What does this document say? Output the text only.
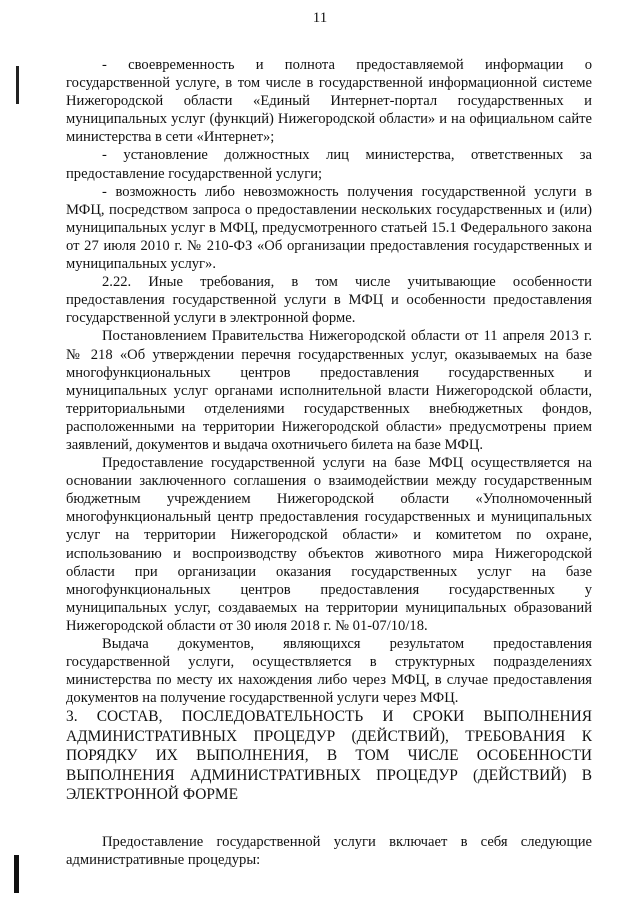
11

- своевременность и полнота предоставляемой информации о государственной услуге, в том числе в государственной информационной системе Нижегородской области «Единый Интернет-портал государственных и муниципальных услуг (функций) Нижегородской области» и на официальном сайте министерства в сети «Интернет»;

- установление должностных лиц министерства, ответственных за предоставление государственной услуги;

- возможность либо невозможность получения государственной услуги в МФЦ, посредством запроса о предоставлении нескольких государственных и (или) муниципальных услуг в МФЦ, предусмотренного статьей 15.1 Федерального закона от 27 июля 2010 г. № 210-ФЗ «Об организации предоставления государственных и муниципальных услуг».

2.22. Иные требования, в том числе учитывающие особенности предоставления государственной услуги в МФЦ и особенности предоставления государственной услуги в электронной форме.

Постановлением Правительства Нижегородской области от 11 апреля 2013 г. № 218 «Об утверждении перечня государственных услуг, оказываемых на базе многофункциональных центров предоставления государственных и муниципальных услуг органами исполнительной власти Нижегородской области, территориальными отделениями государственных внебюджетных фондов, расположенными на территории Нижегородской области» предусмотрены прием заявлений, документов и выдача охотничьего билета на базе МФЦ.

Предоставление государственной услуги на базе МФЦ осуществляется на основании заключенного соглашения о взаимодействии между государственным бюджетным учреждением Нижегородской области «Уполномоченный многофункциональный центр предоставления государственных и муниципальных услуг на территории Нижегородской области» и комитетом по охране, использованию и воспроизводству объектов животного мира Нижегородской области при организации оказания государственных услуг на базе многофункциональных центров предоставления государственных у муниципальных услуг, создаваемых на территории муниципальных образований Нижегородской области от 30 июля 2018 г. № 01-07/10/18.

Выдача документов, являющихся результатом предоставления государственной услуги, осуществляется в структурных подразделениях министерства по месту их нахождения либо через МФЦ, в случае предоставления документов на получение государственной услуги через МФЦ.

3. СОСТАВ, ПОСЛЕДОВАТЕЛЬНОСТЬ И СРОКИ ВЫПОЛНЕНИЯ АДМИНИСТРАТИВНЫХ ПРОЦЕДУР (ДЕЙСТВИЙ), ТРЕБОВАНИЯ К ПОРЯДКУ ИХ ВЫПОЛНЕНИЯ, В ТОМ ЧИСЛЕ ОСОБЕННОСТИ ВЫПОЛНЕНИЯ АДМИНИСТРАТИВНЫХ ПРОЦЕДУР (ДЕЙСТВИЙ) В ЭЛЕКТРОННОЙ ФОРМЕ

Предоставление государственной услуги включает в себя следующие административные процедуры:
